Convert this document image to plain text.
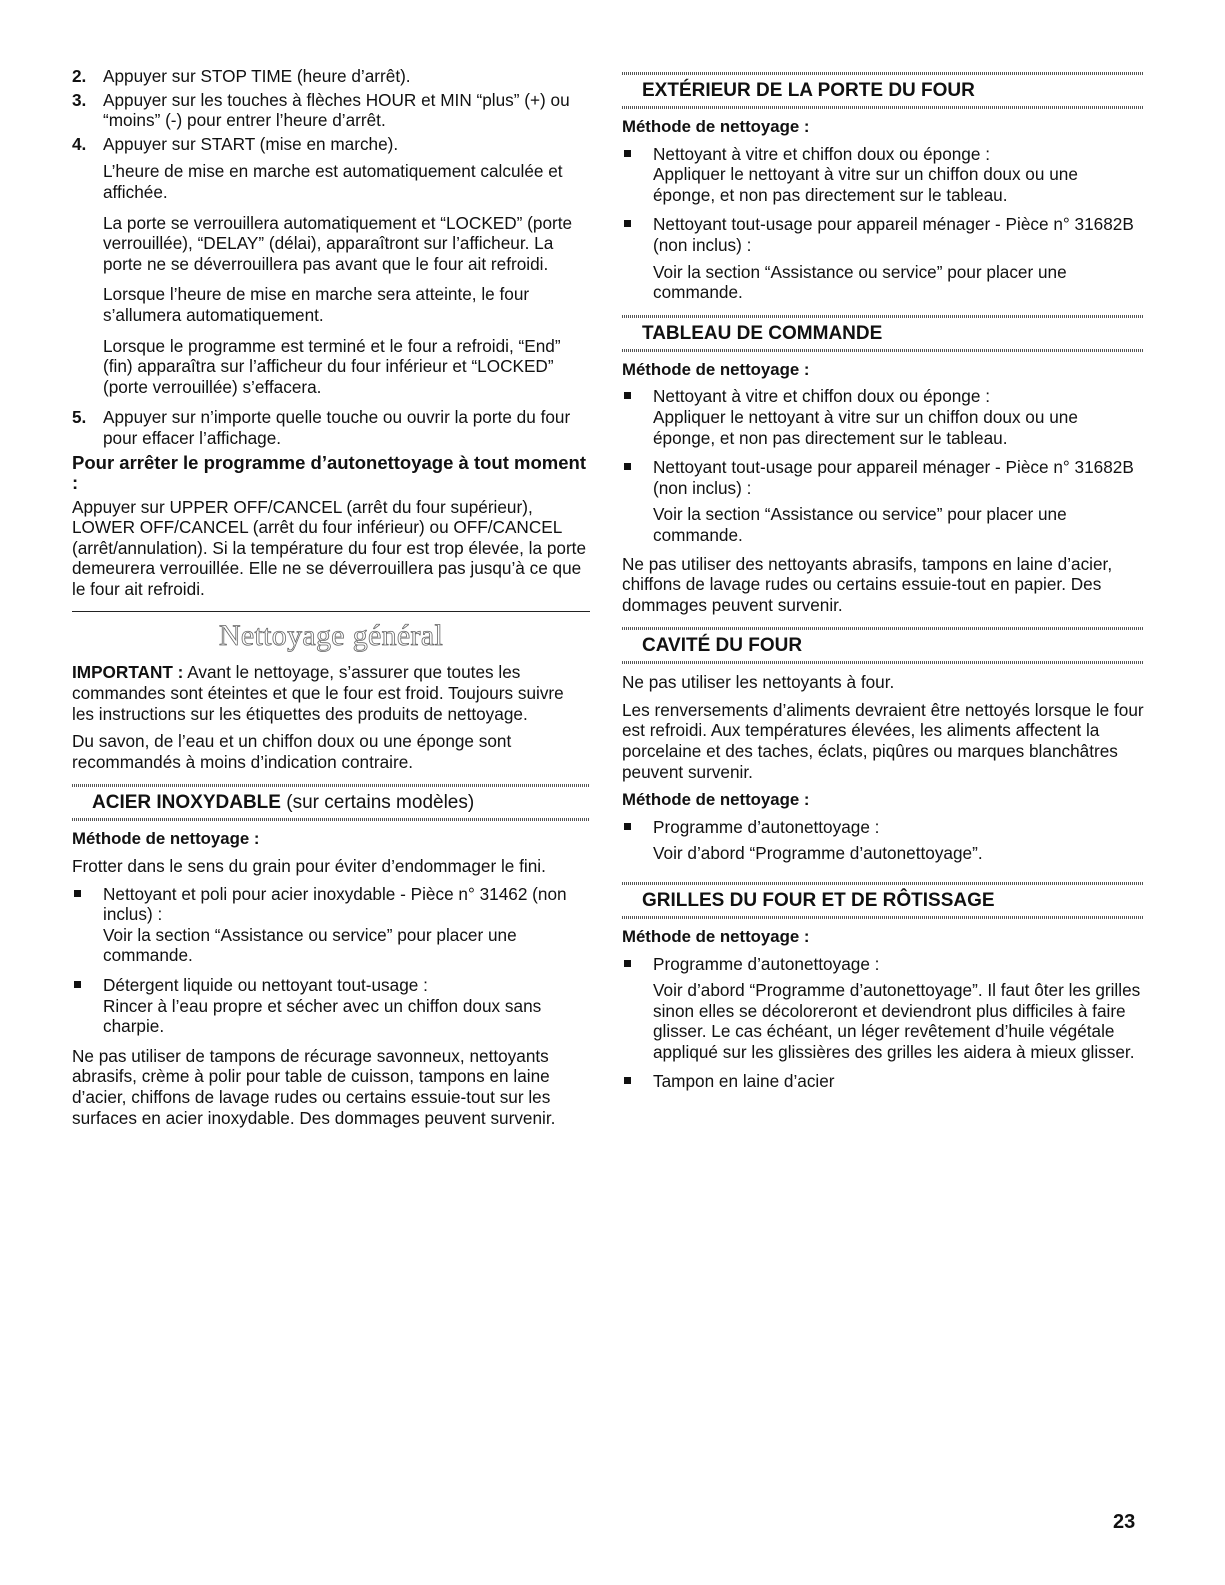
2. Appuyer sur STOP TIME (heure d’arrêt).
3. Appuyer sur les touches à flèches HOUR et MIN “plus” (+) ou “moins” (-) pour entrer l’heure d’arrêt.
4. Appuyer sur START (mise en marche).

L’heure de mise en marche est automatiquement calculée et affichée.

La porte se verrouillera automatiquement et “LOCKED” (porte verrouillée), “DELAY” (délai), apparaîtront sur l’afficheur. La porte ne se déverrouillera pas avant que le four ait refroidi.

Lorsque l’heure de mise en marche sera atteinte, le four s’allumera automatiquement.

Lorsque le programme est terminé et le four a refroidi, “End” (fin) apparaîtra sur l’afficheur du four inférieur et “LOCKED” (porte verrouillée) s’effacera.

5. Appuyer sur n’importe quelle touche ou ouvrir la porte du four pour effacer l’affichage.
Pour arrêter le programme d’autonettoyage à tout moment :

Appuyer sur UPPER OFF/CANCEL (arrêt du four supérieur), LOWER OFF/CANCEL (arrêt du four inférieur) ou OFF/CANCEL (arrêt/annulation). Si la température du four est trop élevée, la porte demeurera verrouillée. Elle ne se déverrouillera pas jusqu’à ce que le four ait refroidi.

Nettoyage général

IMPORTANT : Avant le nettoyage, s’assurer que toutes les commandes sont éteintes et que le four est froid. Toujours suivre les instructions sur les étiquettes des produits de nettoyage.

Du savon, de l’eau et un chiffon doux ou une éponge sont recommandés à moins d’indication contraire.

ACIER INOXYDABLE (sur certains modèles)
Méthode de nettoyage :

Frotter dans le sens du grain pour éviter d’endommager le fini.

Nettoyant et poli pour acier inoxydable - Pièce n° 31462 (non inclus) :
Voir la section “Assistance ou service” pour placer une commande.
Détergent liquide ou nettoyant tout-usage :
Rincer à l’eau propre et sécher avec un chiffon doux sans charpie.

Ne pas utiliser de tampons de récurage savonneux, nettoyants abrasifs, crème à polir pour table de cuisson, tampons en laine d’acier, chiffons de lavage rudes ou certains essuie-tout sur les surfaces en acier inoxydable. Des dommages peuvent survenir.

EXTÉRIEUR DE LA PORTE DU FOUR
Méthode de nettoyage :
Nettoyant à vitre et chiffon doux ou éponge :
Appliquer le nettoyant à vitre sur un chiffon doux ou une éponge, et non pas directement sur le tableau.
Nettoyant tout-usage pour appareil ménager - Pièce n° 31682B (non inclus) :
Voir la section “Assistance ou service” pour placer une commande.
TABLEAU DE COMMANDE
Méthode de nettoyage :
Nettoyant à vitre et chiffon doux ou éponge :
Appliquer le nettoyant à vitre sur un chiffon doux ou une éponge, et non pas directement sur le tableau.
Nettoyant tout-usage pour appareil ménager - Pièce n° 31682B (non inclus) :
Voir la section “Assistance ou service” pour placer une commande.

Ne pas utiliser des nettoyants abrasifs, tampons en laine d’acier, chiffons de lavage rudes ou certains essuie-tout en papier. Des dommages peuvent survenir.

CAVITÉ DU FOUR

Ne pas utiliser les nettoyants à four.

Les renversements d’aliments devraient être nettoyés lorsque le four est refroidi. Aux températures élevées, les aliments affectent la porcelaine et des taches, éclats, piqûres ou marques blanchâtres peuvent survenir.

Méthode de nettoyage :
Programme d’autonettoyage :
Voir d’abord “Programme d’autonettoyage”.
GRILLES DU FOUR ET DE RÔTISSAGE
Méthode de nettoyage :
Programme d’autonettoyage :
Voir d’abord “Programme d’autonettoyage”. Il faut ôter les grilles sinon elles se décoloreront et deviendront plus difficiles à faire glisser. Le cas échéant, un léger revêtement d’huile végétale appliqué sur les glissières des grilles les aidera à mieux glisser.
Tampon en laine d’acier
23
